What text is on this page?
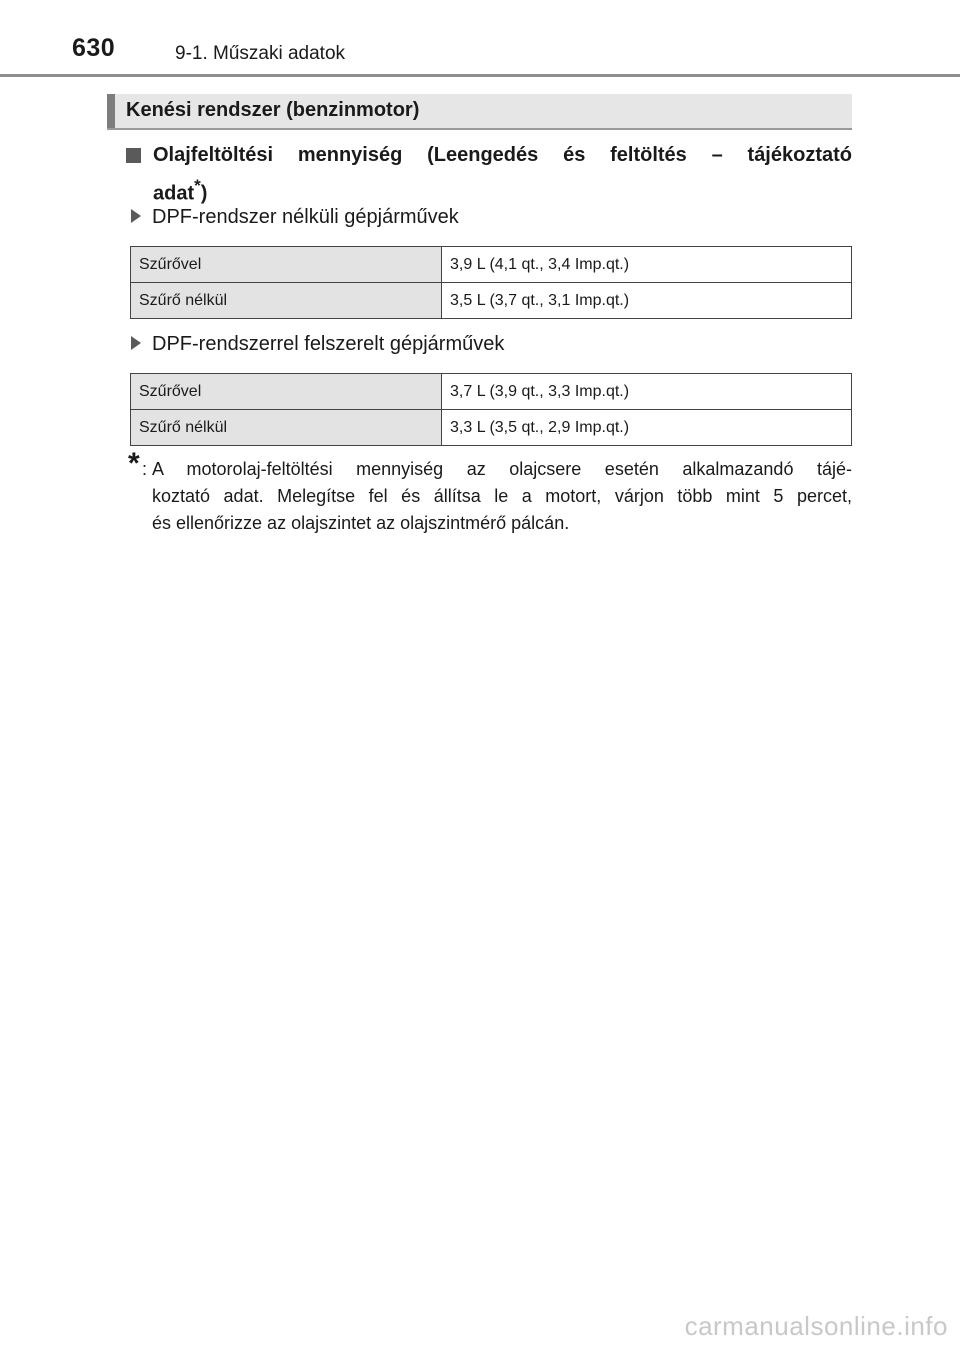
630	9-1. Műszaki adatok
Kenési rendszer (benzinmotor)
Olajfeltöltési mennyiség (Leengedés és feltöltés – tájékoztató
adat*)
DPF-rendszer nélküli gépjárművek
Szűrővel	3,9 L (4,1 qt., 3,4 Imp.qt.)
Szűrő nélkül	3,5 L (3,7 qt., 3,1 Imp.qt.)
DPF-rendszerrel felszerelt gépjárművek
Szűrővel	3,7 L (3,9 qt., 3,3 Imp.qt.)
Szűrő nélkül	3,3 L (3,5 qt., 2,9 Imp.qt.)
* : A motorolaj-feltöltési mennyiség az olajcsere esetén alkalmazandó tájé-
koztató adat. Melegítse fel és állítsa le a motort, várjon több mint 5 percet,
és ellenőrizze az olajszintet az olajszintmérő pálcán.
carmanualsonline.info
